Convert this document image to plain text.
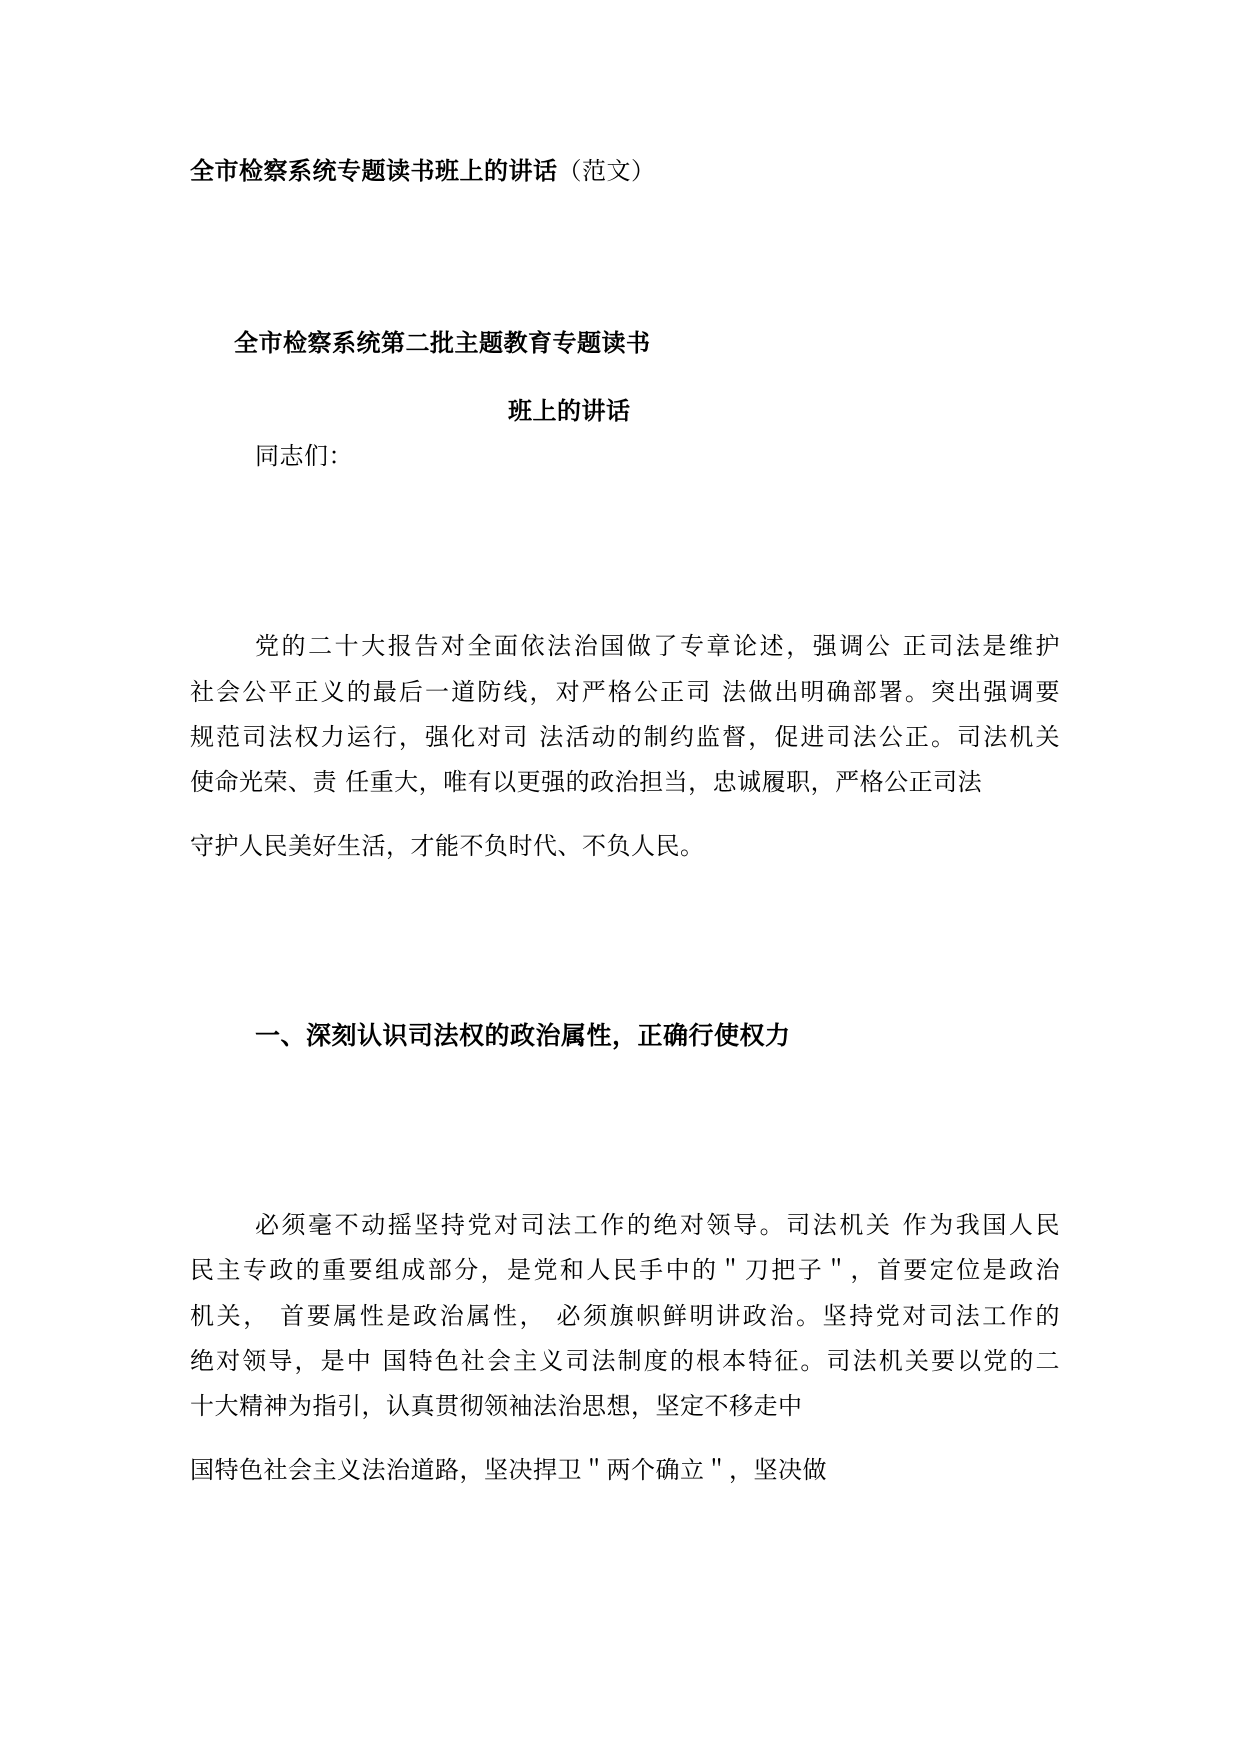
全市检察系统专题读书班上的讲话（范文）
全市检察系统第二批主题教育专题读书
班上的讲话
同志们：
党的二十大报告对全面依法治国做了专章论述，强调公 正司法是维护
社会公平正义的最后一道防线，对严格公正司 法做出明确部署。突出强调要
规范司法权力运行，强化对司 法活动的制约监督，促进司法公正。司法机关
使命光荣、责 任重大，唯有以更强的政治担当，忠诚履职，严格公正司法
守护人民美好生活，才能不负时代、不负人民。
一、深刻认识司法权的政治属性，正确行使权力
必须毫不动摇坚持党对司法工作的绝对领导。司法机关 作为我国人民
民主专政的重要组成部分，是党和人民手中的＂刀把子＂，首要定位是政治
机关， 首要属性是政治属性， 必须旗帜鲜明讲政治。坚持党对司法工作的
绝对领导，是中 国特色社会主义司法制度的根本特征。司法机关要以党的二
十大精神为指引，认真贯彻领袖法治思想，坚定不移走中
国特色社会主义法治道路，坚决捍卫＂两个确立＂，坚决做
